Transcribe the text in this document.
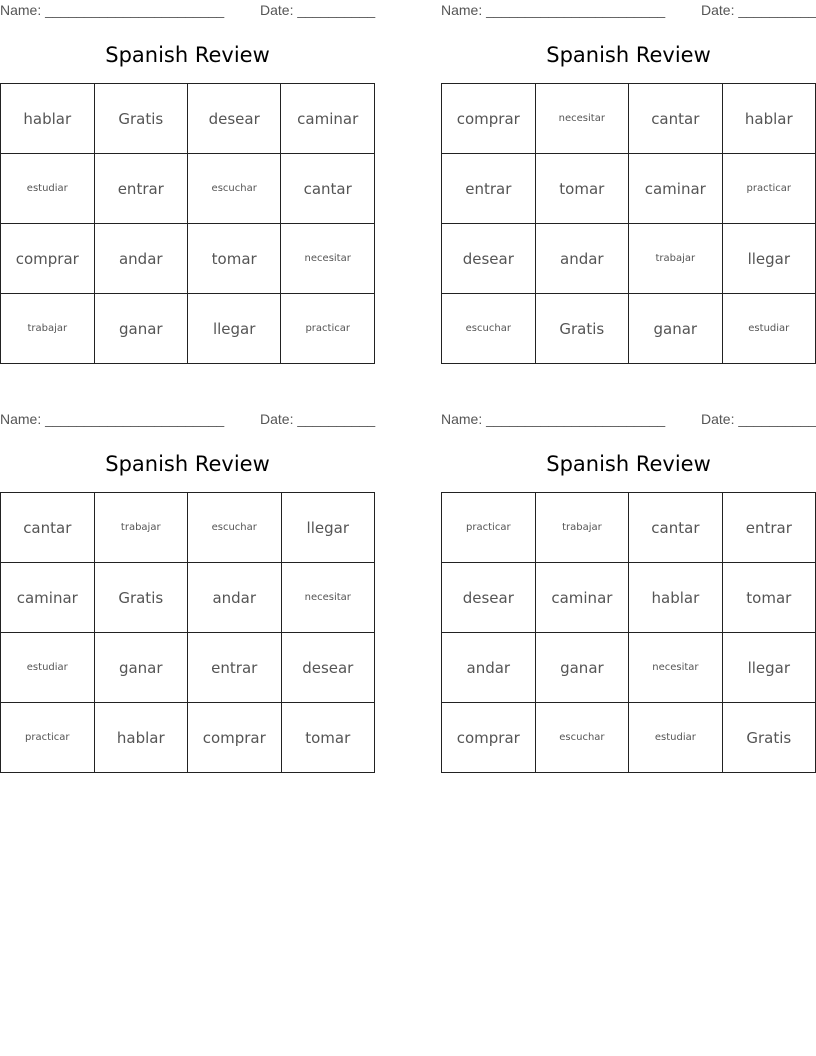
Name: _______________________	Date: __________
Spanish Review
hablar	Gratis	desear	caminar
estudiar	entrar	escuchar	cantar
comprar	andar	tomar	necesitar
trabajar	ganar	llegar	practicar
Name: _______________________	Date: __________
Spanish Review
comprar	necesitar	cantar	hablar
entrar	tomar	caminar	practicar
desear	andar	trabajar	llegar
escuchar	Gratis	ganar	estudiar
Name: _______________________	Date: __________
Spanish Review
cantar	trabajar	escuchar	llegar
caminar	Gratis	andar	necesitar
estudiar	ganar	entrar	desear
practicar	hablar	comprar	tomar
Name: _______________________	Date: __________
Spanish Review
practicar	trabajar	cantar	entrar
desear	caminar	hablar	tomar
andar	ganar	necesitar	llegar
comprar	escuchar	estudiar	Gratis
